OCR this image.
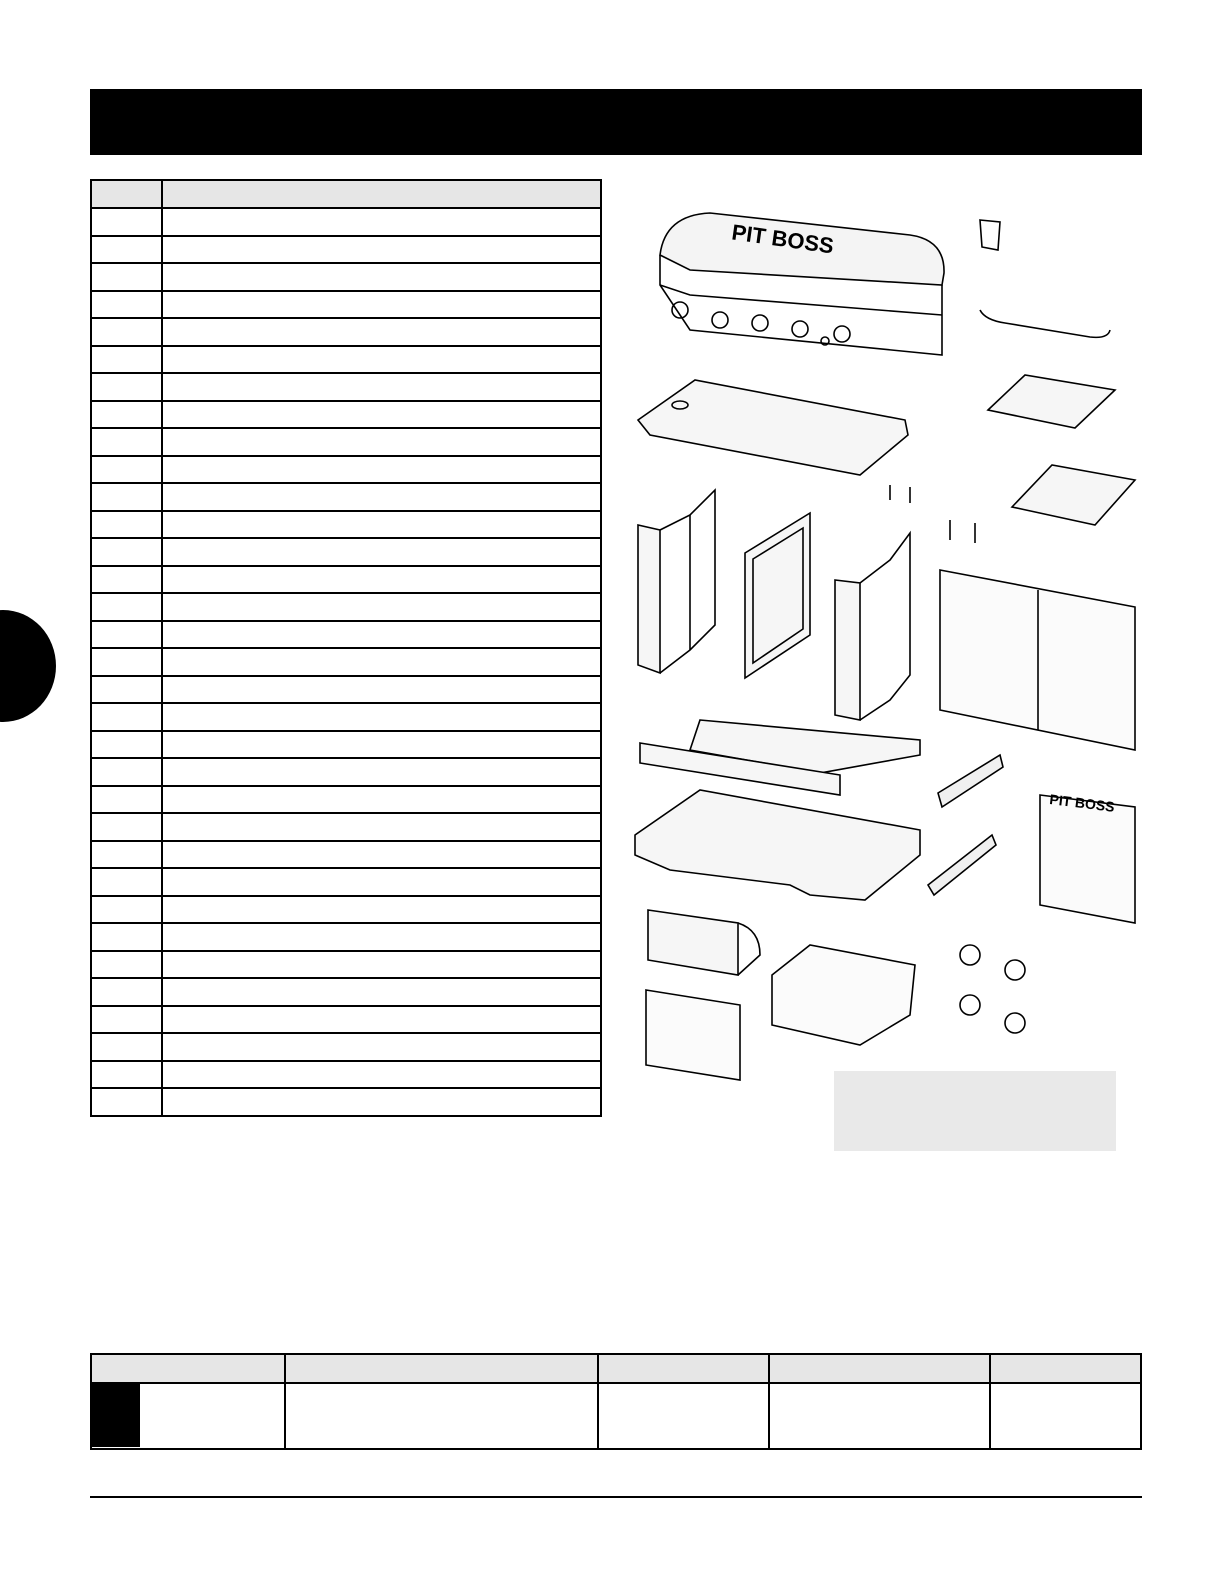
PIT BOSS
PIT BOSS
